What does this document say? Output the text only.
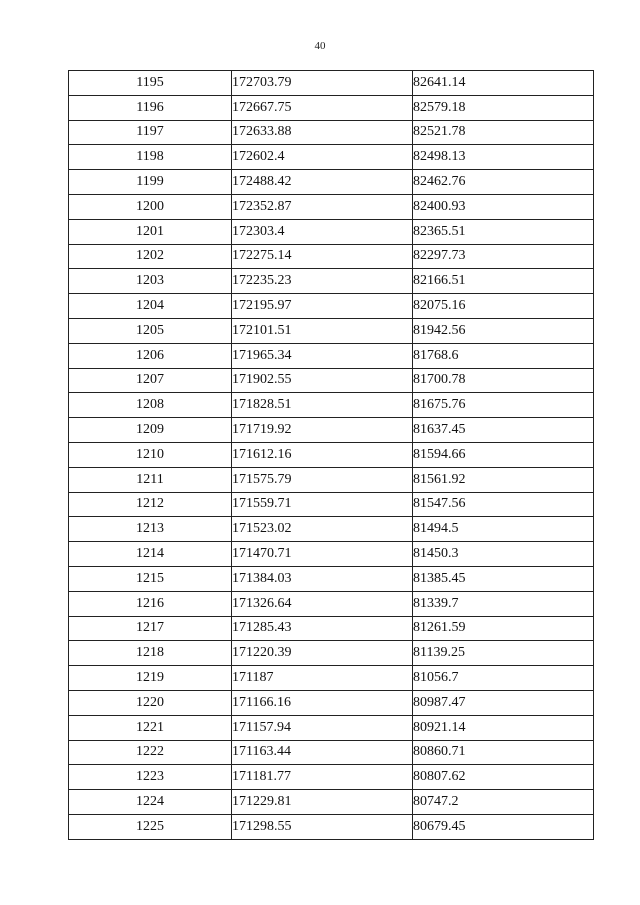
40
1195	172703.79	82641.14
1196	172667.75	82579.18
1197	172633.88	82521.78
1198	172602.4	82498.13
1199	172488.42	82462.76
1200	172352.87	82400.93
1201	172303.4	82365.51
1202	172275.14	82297.73
1203	172235.23	82166.51
1204	172195.97	82075.16
1205	172101.51	81942.56
1206	171965.34	81768.6
1207	171902.55	81700.78
1208	171828.51	81675.76
1209	171719.92	81637.45
1210	171612.16	81594.66
1211	171575.79	81561.92
1212	171559.71	81547.56
1213	171523.02	81494.5
1214	171470.71	81450.3
1215	171384.03	81385.45
1216	171326.64	81339.7
1217	171285.43	81261.59
1218	171220.39	81139.25
1219	171187	81056.7
1220	171166.16	80987.47
1221	171157.94	80921.14
1222	171163.44	80860.71
1223	171181.77	80807.62
1224	171229.81	80747.2
1225	171298.55	80679.45
